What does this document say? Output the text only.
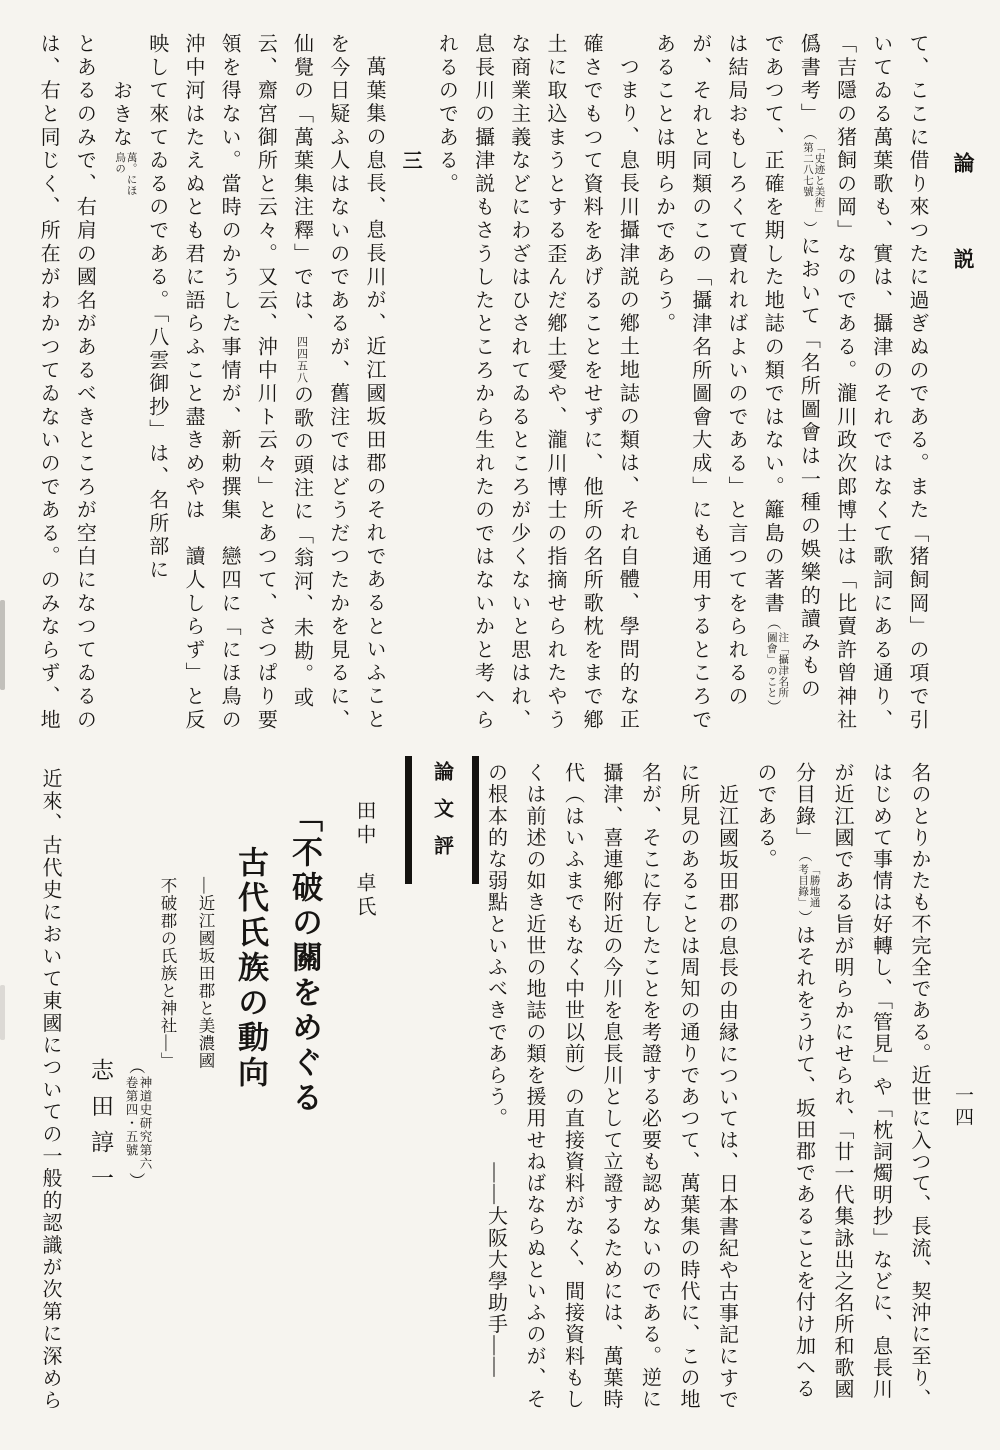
論　　説
一四
て、ここに借り來つたに過ぎぬのである。また「猪飼岡」の項で引
いてゐる萬葉歌も、實は、攝津のそれではなくて歌詞にある通り、
「吉隱の猪飼の岡」なのである。瀧川政次郎博士は「比賣許曾神社
僞書考」︵
「史迹と美術」
第二八七號
︶において「名所圖會は一種の娛樂的讀みもの
であつて、正確を期した地誌の類ではない。籬島の著書︵
注「攝津名所
圖會」のこと
︶
は結局おもしろくて賣れればよいのである」と言つてをられるの
が、それと同類のこの「攝津名所圖會大成」にも通用するところで
あることは明らかであらう。
つまり、息長川攝津説の鄕土地誌の類は、それ自體、學問的な正
確さでもつて資料をあげることをせずに、他所の名所歌枕をまで鄕
土に取込まうとする歪んだ鄕土愛や、瀧川博士の指摘せられたやう
な商業主義などにわざはひされてゐるところが少くないと思はれ、
息長川の攝津説もさうしたところから生れたのではないかと考へら
れるのである。
三
萬葉集の息長、息長川が、近江國坂田郡のそれであるといふこと
を今日疑ふ人はないのであるが、舊注ではどうだつたかを見るに、
仙覺の「萬葉集注釋」では、四四五八の歌の頭注に「翁河、未勘。或
云、齋宮御所と云々。又云、沖中川ト云々」とあつて、さつぱり要
領を得ない。當時のかうした事情が、新勅撰集　戀四に「にほ鳥の
沖中河はたえぬとも君に語らふこと盡きめやは　讀人しらず」と反
映して來てゐるのである。「八雲御抄」は、名所部に
おきな
萬。にほ
鳥の
とあるのみで、右肩の國名があるべきところが空白になつてゐるの
は、右と同じく、所在がわかつてゐないのである。のみならず、地
名のとりかたも不完全である。近世に入つて、長流、契沖に至り、
はじめて事情は好轉し、「管見」や「枕詞燭明抄」などに、息長川
が近江國である旨が明らかにせられ、「廿一代集詠出之名所和歌國
分目錄」︵
「勝地通
考目錄」
︶はそれをうけて、坂田郡であることを付け加へる
のである。
近江國坂田郡の息長の由縁については、日本書紀や古事記にすで
に所見のあることは周知の通りであつて、萬葉集の時代に、この地
名が、そこに存したことを考證する必要も認めないのである。逆に
攝津、喜連鄕附近の今川を息長川として立證するためには、萬葉時
代（はいふまでもなく中世以前）の直接資料がなく、間接資料もし
くは前述の如き近世の地誌の類を援用せねばならぬといふのが、そ
の根本的な弱點といふべきであらう。　　――大阪大學助手――
論文評
田中　卓氏
「不破の關をめぐる
古代氏族の動向
―近江國坂田郡と美濃國
不破郡の氏族と神社―」
︵
神道史研究第六
卷第四・五號
︶
志田諄一
近來、古代史において東國についての一般的認識が次第に深めら
